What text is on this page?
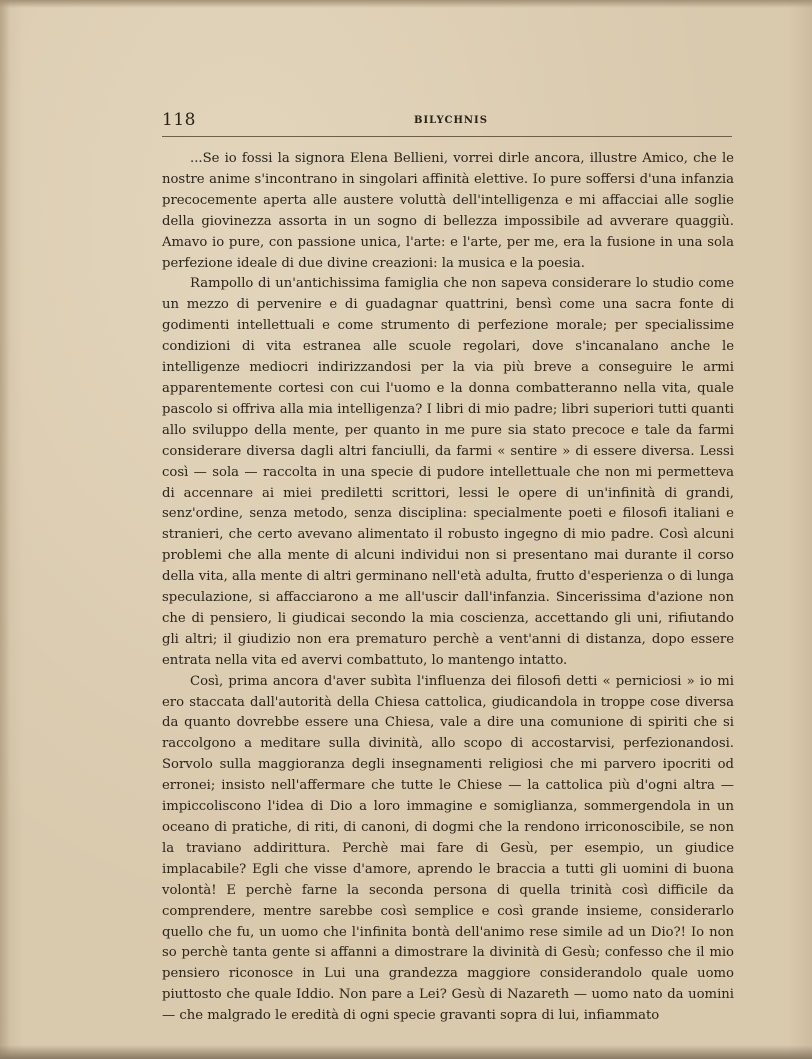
118	BILYCHNIS

...Se io fossi la signora Elena Bellieni, vorrei dirle ancora, illustre Amico, che le nostre anime s'incontrano in singolari affinità elettive. Io pure soffersi d'una infanzia precocemente aperta alle austere voluttà dell'intelligenza e mi affacciai alle soglie della giovinezza assorta in un sogno di bellezza impossibile ad avverare quaggiù. Amavo io pure, con passione unica, l'arte: e l'arte, per me, era la fusione in una sola perfezione ideale di due divine creazioni: la musica e la poesia.

Rampollo di un'antichissima famiglia che non sapeva considerare lo studio come un mezzo di pervenire e di guadagnar quattrini, bensì come una sacra fonte di godimenti intellettuali e come strumento di perfezione morale; per specialissime condizioni di vita estranea alle scuole regolari, dove s'incanalano anche le intelligenze mediocri indirizzandosi per la via più breve a conseguire le armi apparentemente cortesi con cui l'uomo e la donna combatteranno nella vita, quale pascolo si offriva alla mia intelligenza? I libri di mio padre; libri superiori tutti quanti allo sviluppo della mente, per quanto in me pure sia stato precoce e tale da farmi considerare diversa dagli altri fanciulli, da farmi « sentire » di essere diversa. Lessi così — sola — raccolta in una specie di pudore intellettuale che non mi permetteva di accennare ai miei prediletti scrittori, lessi le opere di un'infinità di grandi, senz'ordine, senza metodo, senza disciplina: specialmente poeti e filosofi italiani e stranieri, che certo avevano alimentato il robusto ingegno di mio padre. Così alcuni problemi che alla mente di alcuni individui non si presentano mai durante il corso della vita, alla mente di altri germinano nell'età adulta, frutto d'esperienza o di lunga speculazione, si affacciarono a me all'uscir dall'infanzia. Sincerissima d'azione non che di pensiero, li giudicai secondo la mia coscienza, accettando gli uni, rifiutando gli altri; il giudizio non era prematuro perchè a vent'anni di distanza, dopo essere entrata nella vita ed avervi combattuto, lo mantengo intatto.

Così, prima ancora d'aver subìta l'influenza dei filosofi detti « perniciosi » io mi ero staccata dall'autorità della Chiesa cattolica, giudicandola in troppe cose diversa da quanto dovrebbe essere una Chiesa, vale a dire una comunione di spiriti che si raccolgono a meditare sulla divinità, allo scopo di accostarvisi, perfezionandosi. Sorvolo sulla maggioranza degli insegnamenti religiosi che mi parvero ipocriti od erronei; insisto nell'affermare che tutte le Chiese — la cattolica più d'ogni altra — impiccoliscono l'idea di Dio a loro immagine e somiglianza, sommergendola in un oceano di pratiche, di riti, di canoni, di dogmi che la rendono irriconoscibile, se non la traviano addirittura. Perchè mai fare di Gesù, per esempio, un giudice implacabile? Egli che visse d'amore, aprendo le braccia a tutti gli uomini di buona volontà! E perchè farne la seconda persona di quella trinità così difficile da comprendere, mentre sarebbe così semplice e così grande insieme, considerarlo quello che fu, un uomo che l'infinita bontà dell'animo rese simile ad un Dio?! Io non so perchè tanta gente si affanni a dimostrare la divinità di Gesù; confesso che il mio pensiero riconosce in Lui una grandezza maggiore considerandolo quale uomo piuttosto che quale Iddio. Non pare a Lei? Gesù di Nazareth — uomo nato da uomini — che malgrado le eredità di ogni specie gravanti sopra di lui, infiammato
